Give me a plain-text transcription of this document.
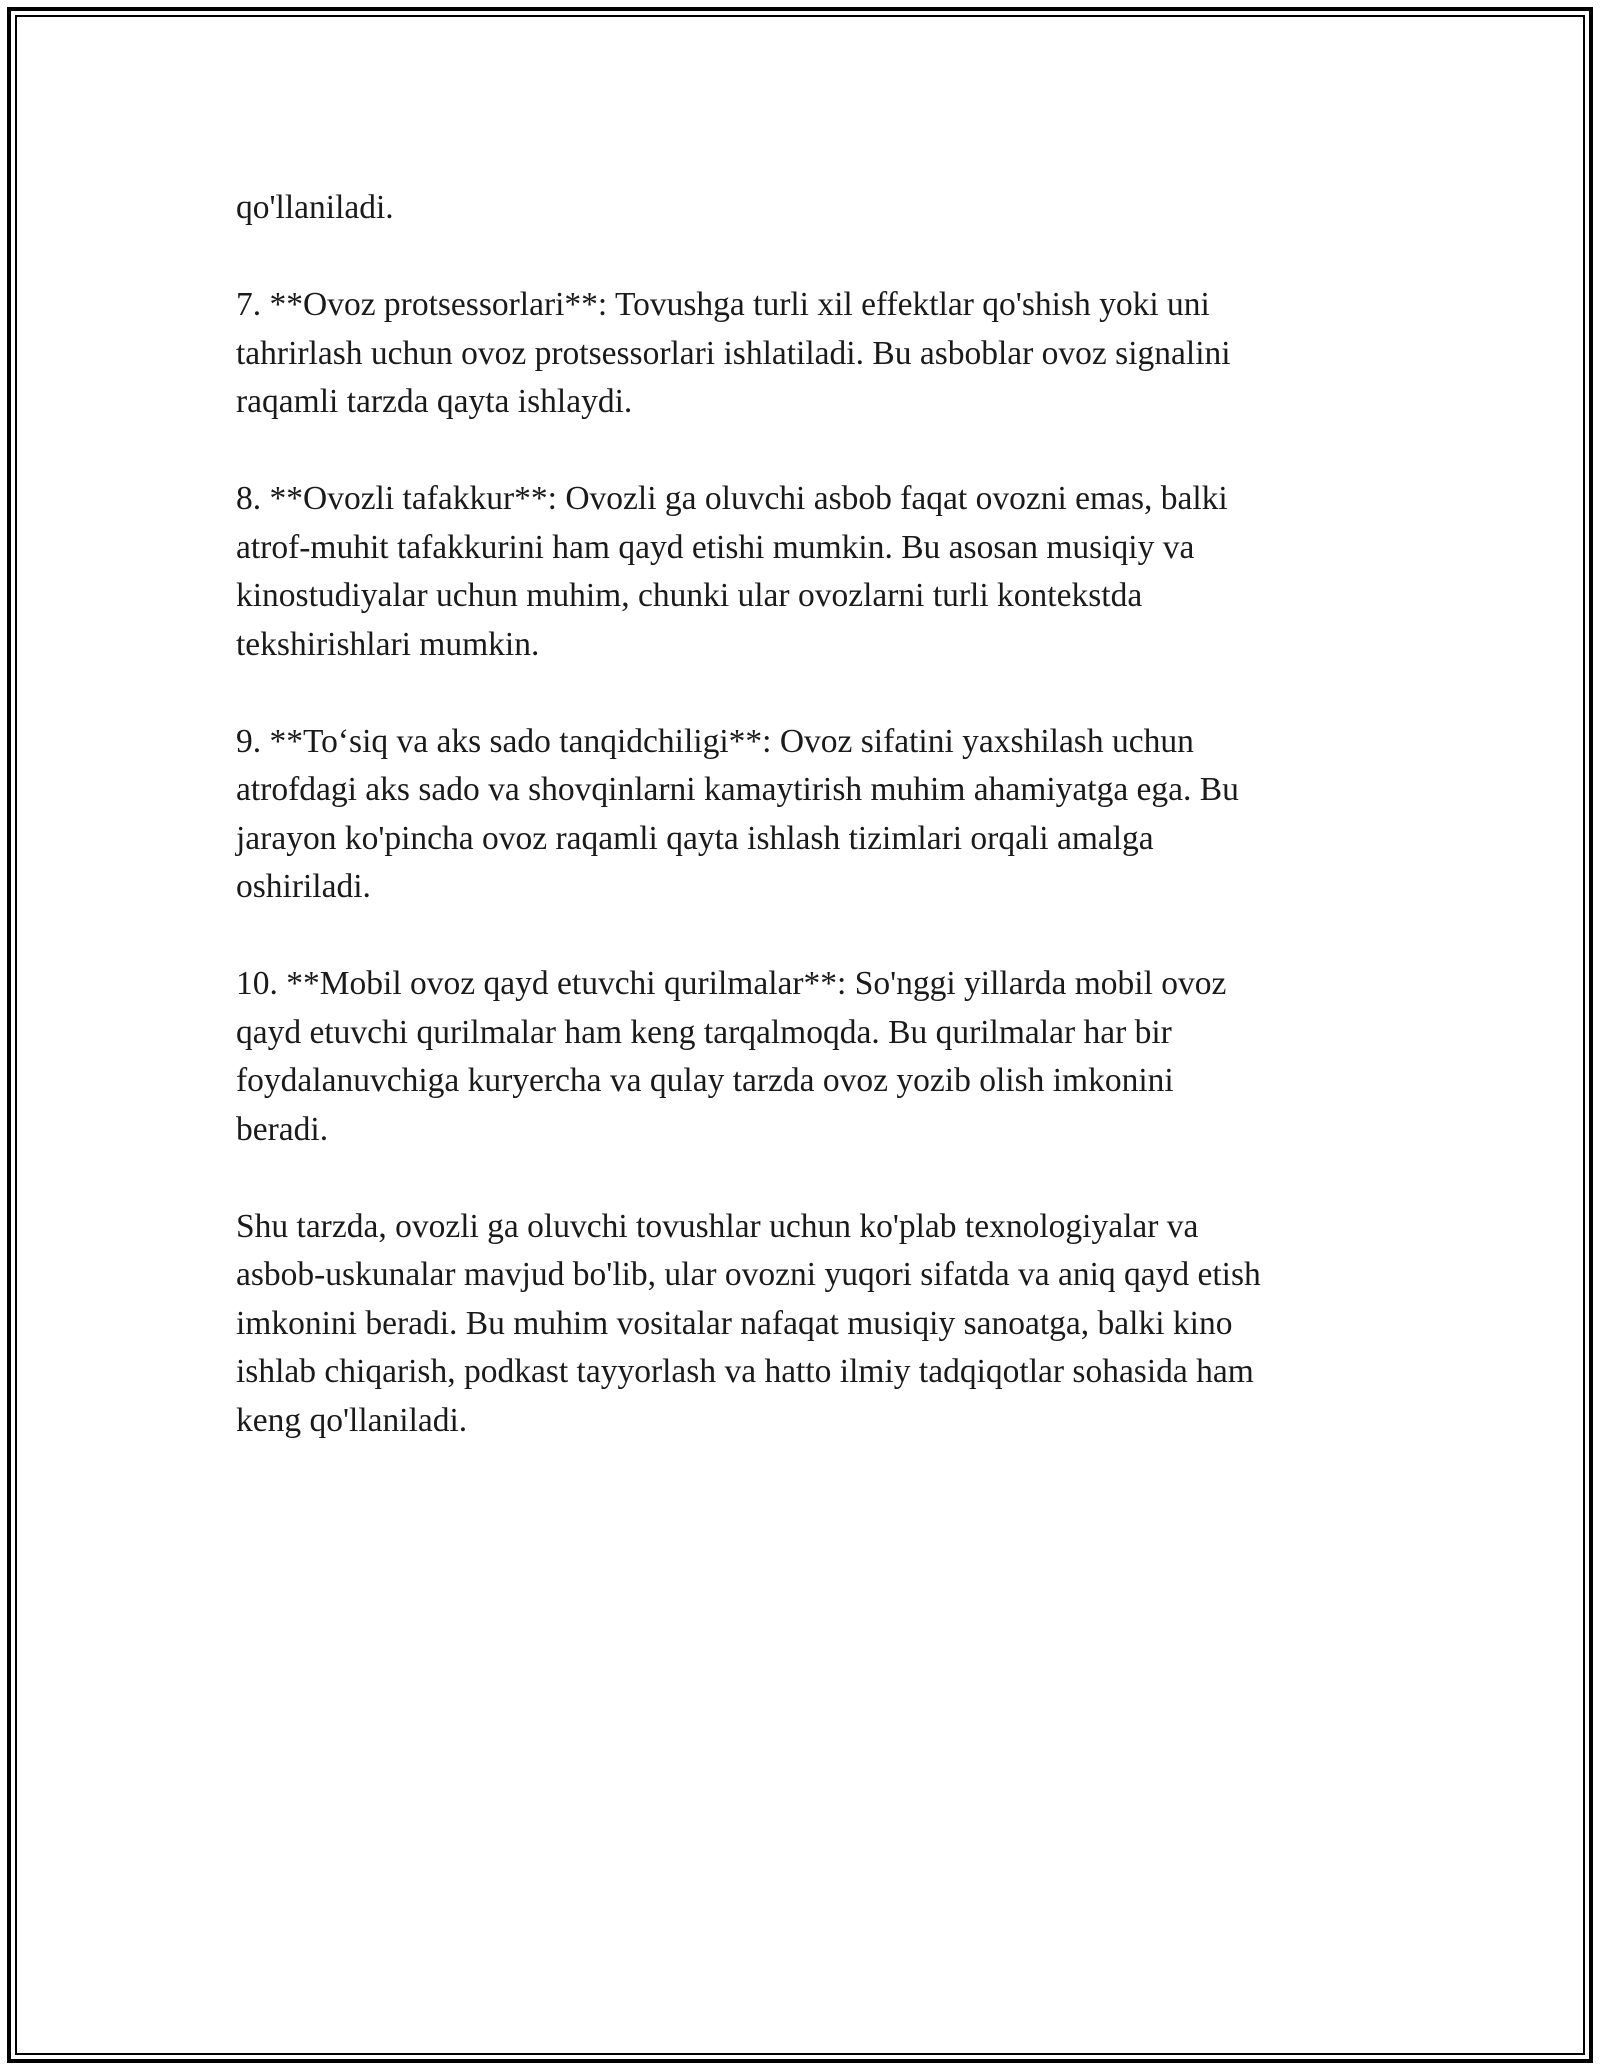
qo'llaniladi.

7. **Ovoz protsessorlari**: Tovushga turli xil effektlar qo'shish yoki uni
tahrirlash uchun ovoz protsessorlari ishlatiladi. Bu asboblar ovoz signalini
raqamli tarzda qayta ishlaydi.

8. **Ovozli tafakkur**: Ovozli ga oluvchi asbob faqat ovozni emas, balki
atrof-muhit tafakkurini ham qayd etishi mumkin. Bu asosan musiqiy va
kinostudiyalar uchun muhim, chunki ular ovozlarni turli kontekstda
tekshirishlari mumkin.

9. **To‘siq va aks sado tanqidchiligi**: Ovoz sifatini yaxshilash uchun
atrofdagi aks sado va shovqinlarni kamaytirish muhim ahamiyatga ega. Bu
jarayon ko'pincha ovoz raqamli qayta ishlash tizimlari orqali amalga
oshiriladi.

10. **Mobil ovoz qayd etuvchi qurilmalar**: So'nggi yillarda mobil ovoz
qayd etuvchi qurilmalar ham keng tarqalmoqda. Bu qurilmalar har bir
foydalanuvchiga kuryercha va qulay tarzda ovoz yozib olish imkonini
beradi.

Shu tarzda, ovozli ga oluvchi tovushlar uchun ko'plab texnologiyalar va
asbob-uskunalar mavjud bo'lib, ular ovozni yuqori sifatda va aniq qayd etish
imkonini beradi. Bu muhim vositalar nafaqat musiqiy sanoatga, balki kino
ishlab chiqarish, podkast tayyorlash va hatto ilmiy tadqiqotlar sohasida ham
keng qo'llaniladi.
